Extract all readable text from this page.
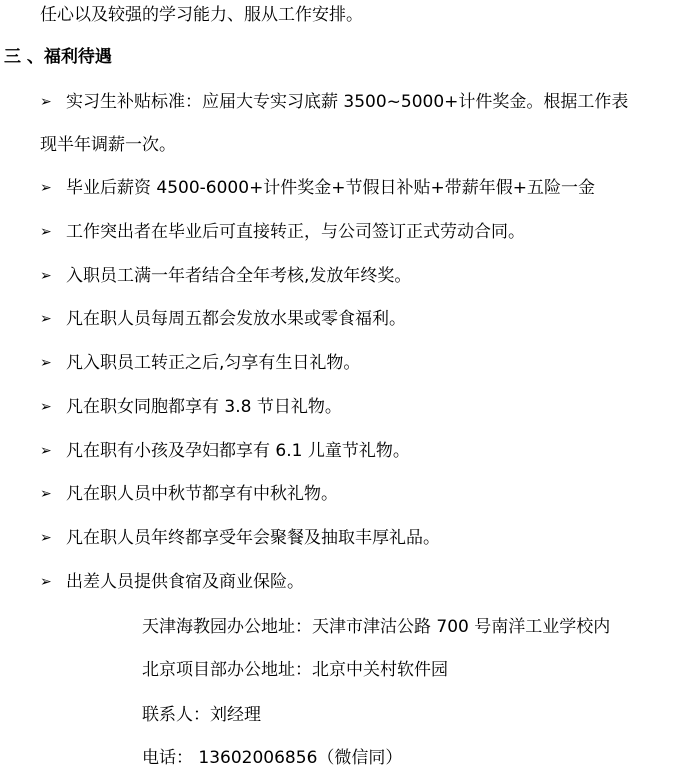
任心以及较强的学习能力、服从工作安排。
三 、福利待遇
➢ 实习生补贴标准：应届大专实习底薪 3500~5000+计件奖金。根据工作表
现半年调薪一次。
➢ 毕业后薪资 4500-6000+计件奖金+节假日补贴+带薪年假+五险一金
➢ 工作突出者在毕业后可直接转正，与公司签订正式劳动合同。
➢ 入职员工满一年者结合全年考核,发放年终奖。
➢ 凡在职人员每周五都会发放水果或零食福利。
➢ 凡入职员工转正之后,匀享有生日礼物。
➢ 凡在职女同胞都享有 3.8 节日礼物。
➢ 凡在职有小孩及孕妇都享有 6.1 儿童节礼物。
➢ 凡在职人员中秋节都享有中秋礼物。
➢ 凡在职人员年终都享受年会聚餐及抽取丰厚礼品。
➢ 出差人员提供食宿及商业保险。
天津海教园办公地址：天津市津沽公路 700 号南洋工业学校内
北京项目部办公地址：北京中关村软件园
联系人：刘经理
电话： 13602006856（微信同）
